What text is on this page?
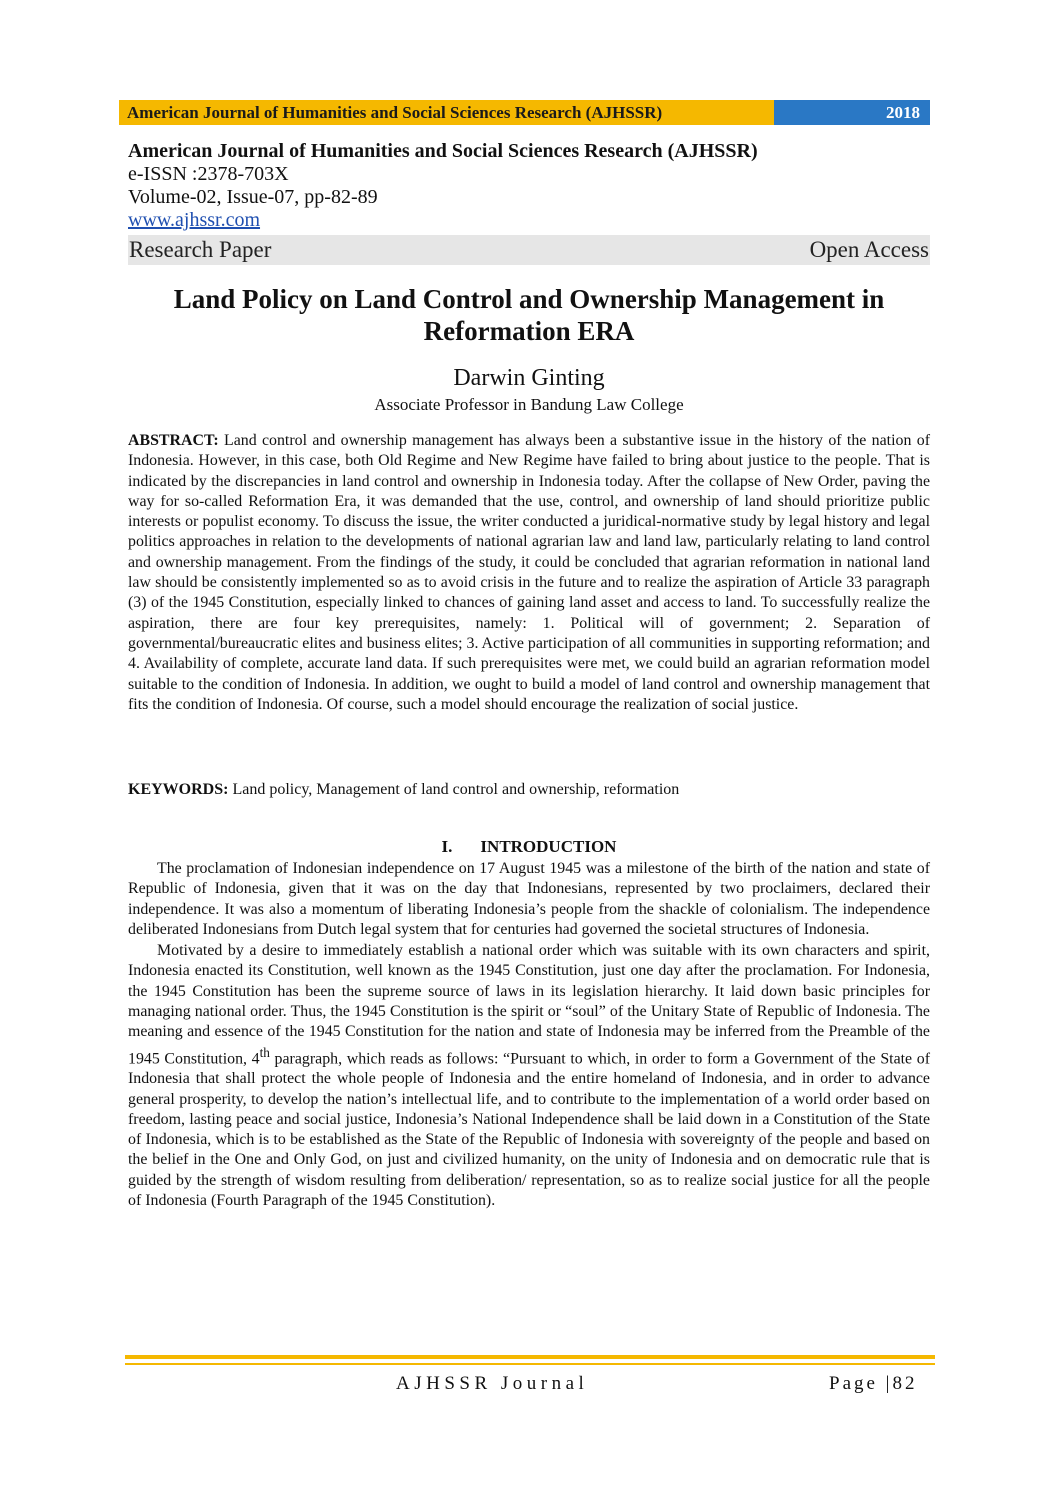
American Journal of Humanities and Social Sciences Research (AJHSSR)	2018
American Journal of Humanities and Social Sciences Research (AJHSSR)
e-ISSN :2378-703X
Volume-02, Issue-07, pp-82-89
www.ajhssr.com
Research Paper	Open Access
Land Policy on Land Control and Ownership Management in Reformation ERA
Darwin Ginting
Associate Professor in Bandung Law College
ABSTRACT: Land control and ownership management has always been a substantive issue in the history of the nation of Indonesia. However, in this case, both Old Regime and New Regime have failed to bring about justice to the people. That is indicated by the discrepancies in land control and ownership in Indonesia today. After the collapse of New Order, paving the way for so-called Reformation Era, it was demanded that the use, control, and ownership of land should prioritize public interests or populist economy. To discuss the issue, the writer conducted a juridical-normative study by legal history and legal politics approaches in relation to the developments of national agrarian law and land law, particularly relating to land control and ownership management. From the findings of the study, it could be concluded that agrarian reformation in national land law should be consistently implemented so as to avoid crisis in the future and to realize the aspiration of Article 33 paragraph (3) of the 1945 Constitution, especially linked to chances of gaining land asset and access to land. To successfully realize the aspiration, there are four key prerequisites, namely: 1. Political will of government; 2. Separation of governmental/bureaucratic elites and business elites; 3. Active participation of all communities in supporting reformation; and 4. Availability of complete, accurate land data. If such prerequisites were met, we could build an agrarian reformation model suitable to the condition of Indonesia. In addition, we ought to build a model of land control and ownership management that fits the condition of Indonesia. Of course, such a model should encourage the realization of social justice.
KEYWORDS: Land policy, Management of land control and ownership, reformation
I. INTRODUCTION

The proclamation of Indonesian independence on 17 August 1945 was a milestone of the birth of the nation and state of Republic of Indonesia, given that it was on the day that Indonesians, represented by two proclaimers, declared their independence. It was also a momentum of liberating Indonesia’s people from the shackle of colonialism. The independence deliberated Indonesians from Dutch legal system that for centuries had governed the societal structures of Indonesia.

Motivated by a desire to immediately establish a national order which was suitable with its own characters and spirit, Indonesia enacted its Constitution, well known as the 1945 Constitution, just one day after the proclamation. For Indonesia, the 1945 Constitution has been the supreme source of laws in its legislation hierarchy. It laid down basic principles for managing national order. Thus, the 1945 Constitution is the spirit or “soul” of the Unitary State of Republic of Indonesia. The meaning and essence of the 1945 Constitution for the nation and state of Indonesia may be inferred from the Preamble of the 1945 Constitution, 4th paragraph, which reads as follows: “Pursuant to which, in order to form a Government of the State of Indonesia that shall protect the whole people of Indonesia and the entire homeland of Indonesia, and in order to advance general prosperity, to develop the nation’s intellectual life, and to contribute to the implementation of a world order based on freedom, lasting peace and social justice, Indonesia’s National Independence shall be laid down in a Constitution of the State of Indonesia, which is to be established as the State of the Republic of Indonesia with sovereignty of the people and based on the belief in the One and Only God, on just and civilized humanity, on the unity of Indonesia and on democratic rule that is guided by the strength of wisdom resulting from deliberation/ representation, so as to realize social justice for all the people of Indonesia (Fourth Paragraph of the 1945 Constitution).

AJHSSR Journal	Page |82
